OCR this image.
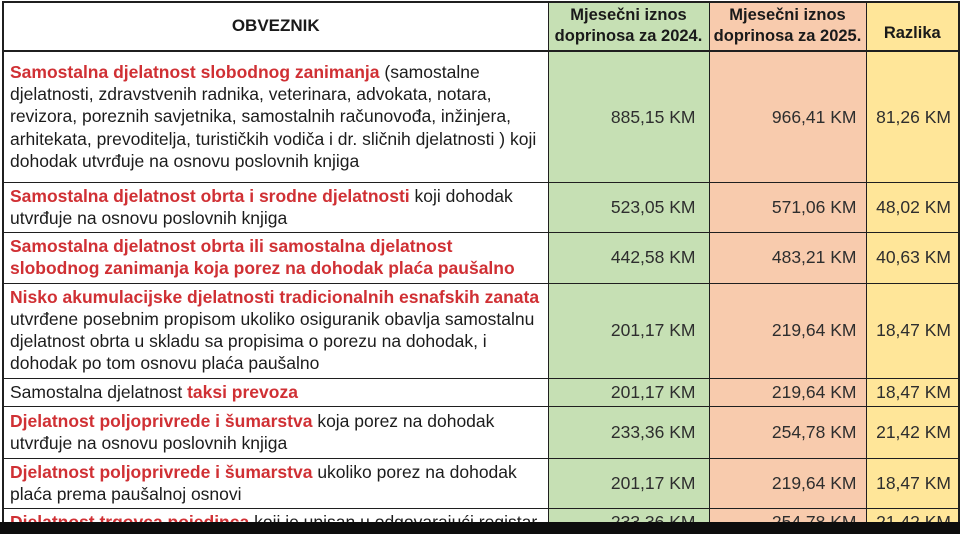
OBVEZNIK	Mjesečni iznos doprinosa za 2024.	Mjesečni iznos doprinosa za 2025.	Razlika
Samostalna djelatnost slobodnog zanimanja (samostalne djelatnosti, zdravstvenih radnika, veterinara, advokata, notara, revizora, poreznih savjetnika, samostalnih računovođa, inžinjera, arhitekata, prevoditelja, turističkih vodiča i dr. sličnih djelatnosti ) koji dohodak utvrđuje na osnovu poslovnih knjiga	885,15 KM	966,41 KM	81,26 KM
Samostalna djelatnost obrta i srodne djelatnosti koji dohodak utvrđuje na osnovu poslovnih knjiga	523,05 KM	571,06 KM	48,02 KM
Samostalna djelatnost obrta ili samostalna djelatnost slobodnog zanimanja koja porez na dohodak plaća paušalno	442,58 KM	483,21 KM	40,63 KM
Nisko akumulacijske djelatnosti tradicionalnih esnafskih zanata utvrđene posebnim propisom ukoliko osiguranik obavlja samostalnu djelatnost obrta u skladu sa propisima o porezu na dohodak, i dohodak po tom osnovu plaća paušalno	201,17 KM	219,64 KM	18,47 KM
Samostalna djelatnost taksi prevoza	201,17 KM	219,64 KM	18,47 KM
Djelatnost poljoprivrede i šumarstva koja porez na dohodak utvrđuje na osnovu poslovnih knjiga	233,36 KM	254,78 KM	21,42 KM
Djelatnost poljoprivrede i šumarstva ukoliko porez na dohodak plaća prema paušalnoj osnovi	201,17 KM	219,64 KM	18,47 KM
